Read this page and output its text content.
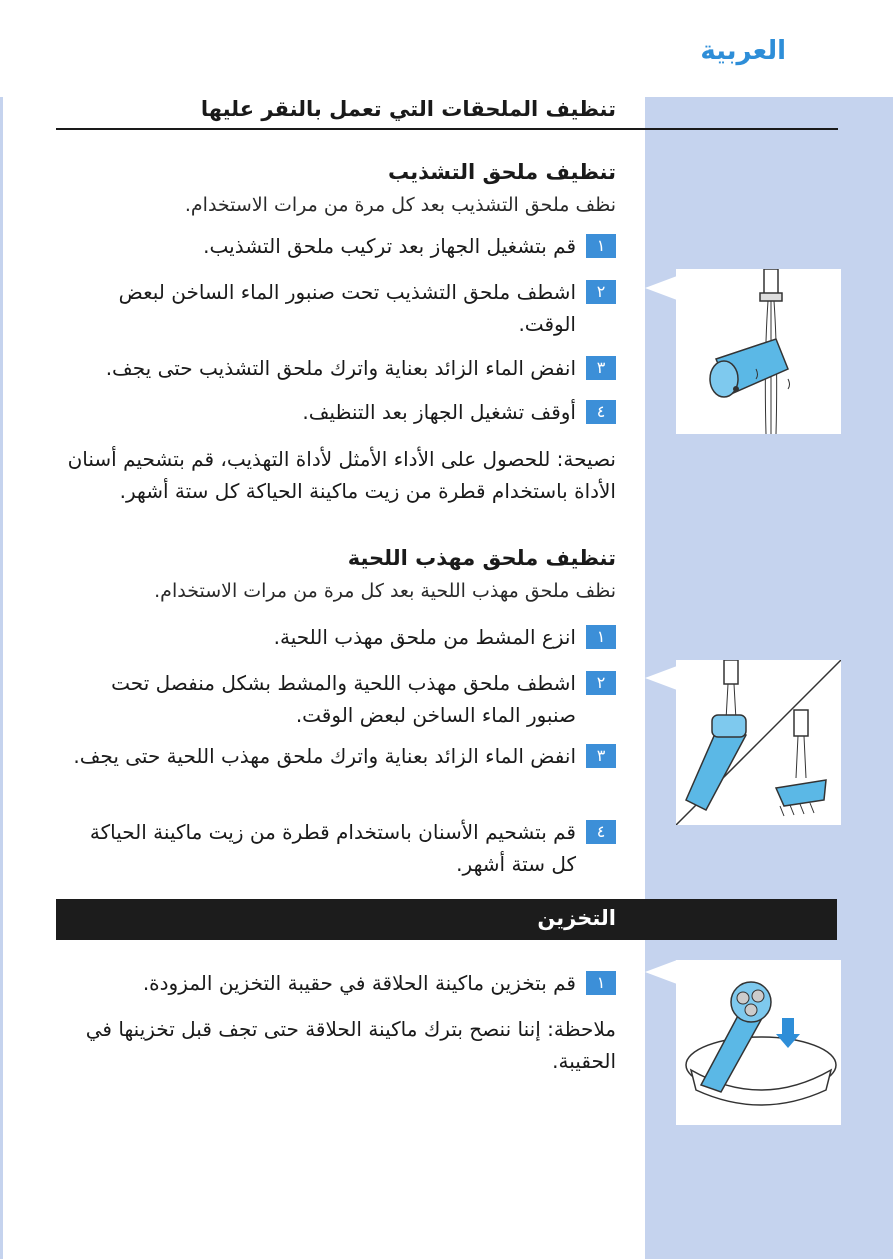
العربية
تنظيف الملحقات التي تعمل بالنقر عليها
تنظيف ملحق التشذيب
نظف ملحق التشذيب بعد كل مرة من مرات الاستخدام.
١قم بتشغيل الجهاز بعد تركيب ملحق التشذيب.
٢اشطف ملحق التشذيب تحت صنبور الماء الساخن لبعض الوقت.
٣انفض الماء الزائد بعناية واترك ملحق التشذيب حتى يجف.
٤أوقف تشغيل الجهاز بعد التنظيف.
نصيحة: للحصول على الأداء الأمثل لأداة التهذيب، قم بتشحيم أسنان الأداة باستخدام قطرة من زيت ماكينة الحياكة كل ستة أشهر.
تنظيف ملحق مهذب اللحية
نظف ملحق مهذب اللحية بعد كل مرة من مرات الاستخدام.
١انزع المشط من ملحق مهذب اللحية.
٢اشطف ملحق مهذب اللحية والمشط بشكل منفصل تحت صنبور الماء الساخن لبعض الوقت.
٣انفض الماء الزائد بعناية واترك ملحق مهذب اللحية حتى يجف.
٤قم بتشحيم الأسنان باستخدام قطرة من زيت ماكينة الحياكة كل ستة أشهر.
التخزين
١قم بتخزين ماكينة الحلاقة في حقيبة التخزين المزودة.
ملاحظة: إننا ننصح بترك ماكينة الحلاقة حتى تجف قبل تخزينها في الحقيبة.
